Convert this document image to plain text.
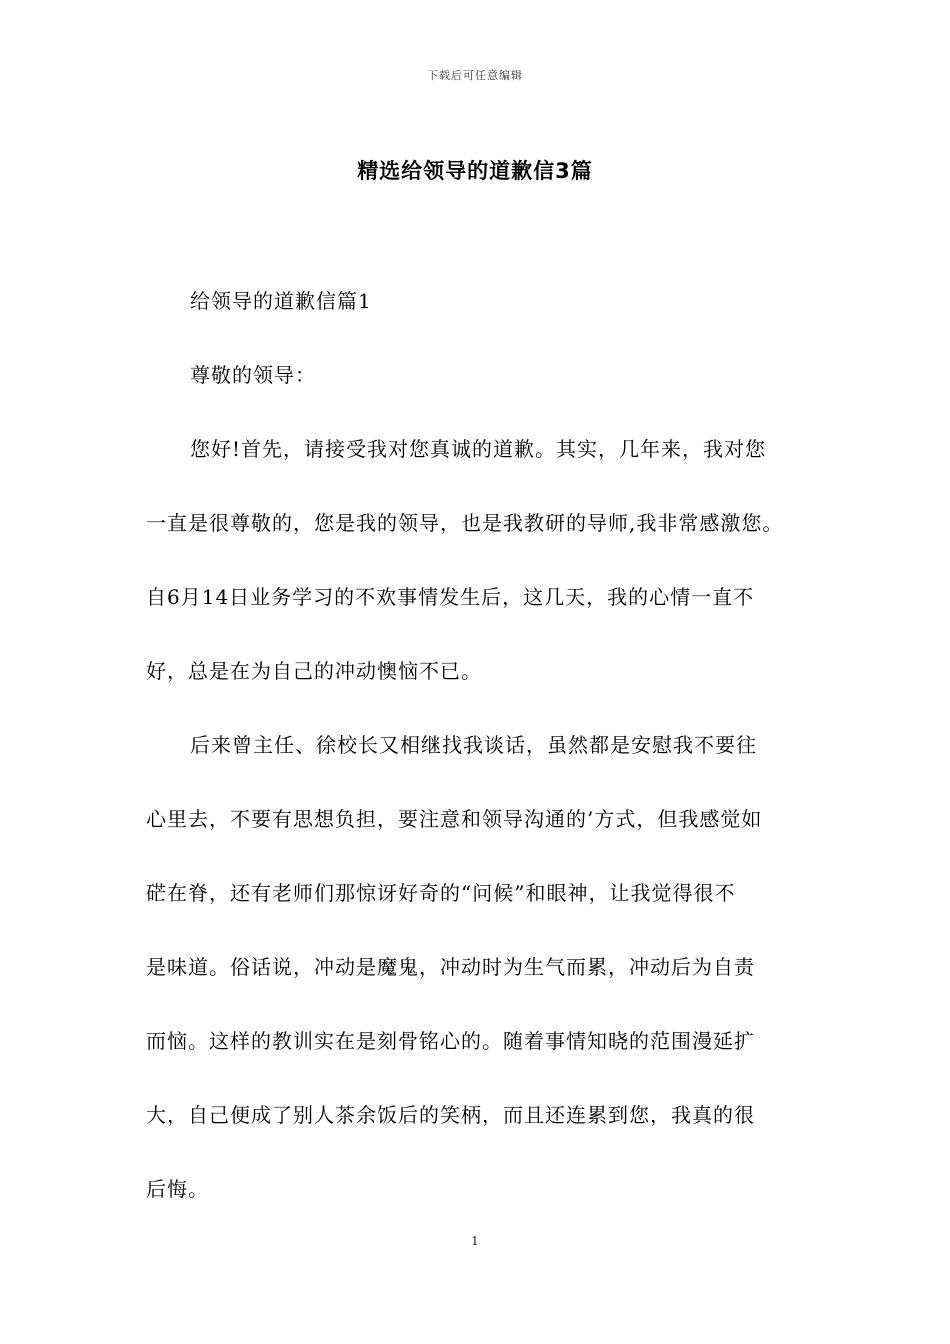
下载后可任意编辑
精选给领导的道歉信3篇
给领导的道歉信篇1
尊敬的领导：
您好!首先，请接受我对您真诚的道歉。其实，几年来，我对您
一直是很尊敬的，您是我的领导，也是我教研的导师,我非常感激您。
自6月14日业务学习的不欢事情发生后，这几天，我的心情一直不
好，总是在为自己的冲动懊恼不已。
后来曾主任、徐校长又相继找我谈话，虽然都是安慰我不要往
心里去，不要有思想负担，要注意和领导沟通的’方式，但我感觉如
硭在脊，还有老师们那惊讶好奇的“问候”和眼神，让我觉得很不
是味道。俗话说，冲动是魔鬼，冲动时为生气而累，冲动后为自责
而恼。这样的教训实在是刻骨铭心的。随着事情知晓的范围漫延扩
大，自己便成了别人茶余饭后的笑柄，而且还连累到您，我真的很
后悔。
1
